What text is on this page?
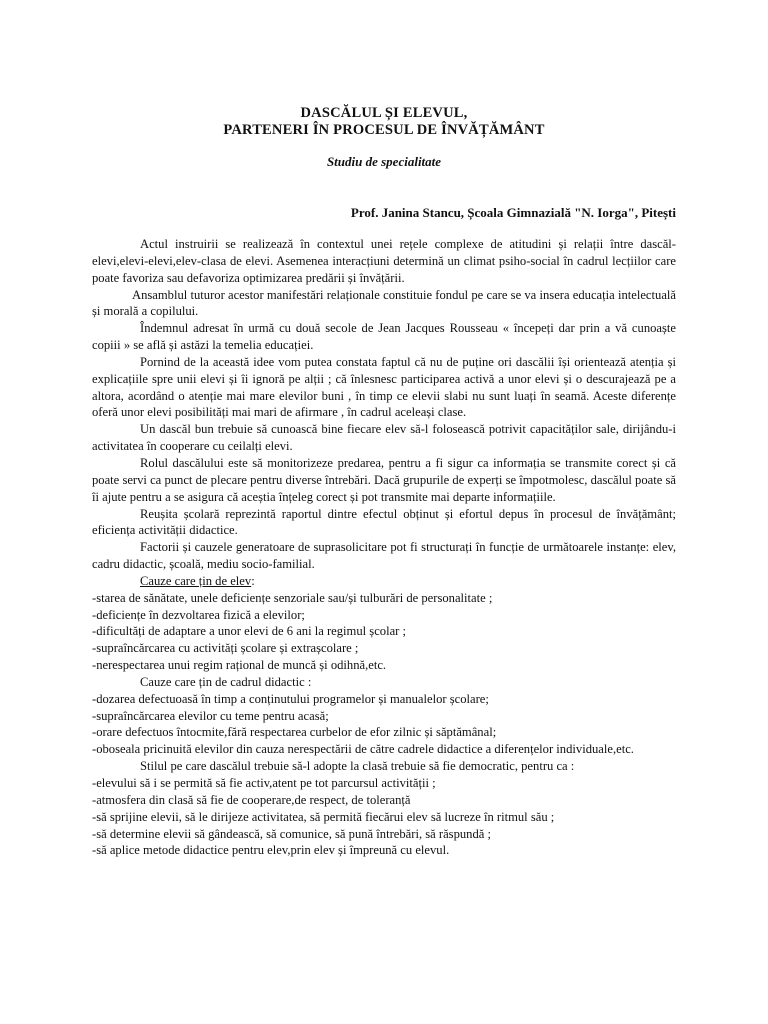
DASCĂLUL ȘI ELEVUL,
PARTENERI ÎN PROCESUL DE ÎNVĂȚĂMÂNT
Studiu de specialitate
Prof. Janina Stancu, Școala Gimnazială "N. Iorga", Pitești

Actul instruirii se realizează în contextul unei rețele complexe de atitudini și relații între dascăl-elevi,elevi-elevi,elev-clasa de elevi. Asemenea interacțiuni determină un climat psiho-social în cadrul lecțiilor care poate favoriza sau defavoriza optimizarea predării și învățării.

Ansamblul tuturor acestor manifestări relaționale constituie fondul pe care se va insera educația intelectuală și morală a copilului.

Îndemnul adresat în urmă cu două secole de Jean Jacques Rousseau « începeți dar prin a vă cunoaște copiii » se află și astăzi la temelia educației.

Pornind de la această idee vom putea constata faptul că nu de puține ori dascălii își orientează atenția și explicațiile spre unii elevi și îi ignoră pe alții ; că înlesnesc participarea activă a unor elevi și o descurajează pe a altora, acordând o atenție mai mare elevilor buni , în timp ce elevii slabi nu sunt luați în seamă. Aceste diferențe oferă unor elevi posibilități mai mari de afirmare , în cadrul aceleași clase.

Un dascăl bun trebuie să cunoască bine fiecare elev să-l folosească potrivit capacităților sale, dirijându-i activitatea în cooperare cu ceilalți elevi.

Rolul dascălului este să monitorizeze predarea, pentru a fi sigur ca informația se transmite corect și că poate servi ca punct de plecare pentru diverse întrebări. Dacă grupurile de experți se împotmolesc, dascălul poate să îi ajute pentru a se asigura că aceștia înțeleg corect și pot transmite mai departe informațiile.

Reușita școlară reprezintă raportul dintre efectul obținut și efortul depus în procesul de învățământ; eficiența activității didactice.

Factorii și cauzele generatoare de suprasolicitare pot fi structurați în funcție de următoarele instanțe: elev, cadru didactic, școală, mediu socio-familial.

Cauze care țin de elev:

-starea de sănătate, unele deficiențe senzoriale sau/și tulburări de personalitate ;

-deficiențe în dezvoltarea fizică a elevilor;

-dificultăți de adaptare a unor elevi de 6 ani la regimul școlar ;

-supraîncărcarea cu activități școlare și extrașcolare ;

-nerespectarea unui regim rațional de muncă și odihnă,etc.

Cauze care țin de cadrul didactic :

-dozarea defectuoasă în timp a conținutului programelor și manualelor școlare;

-supraîncărcarea elevilor cu teme pentru acasă;

-orare defectuos întocmite,fără respectarea curbelor de efor zilnic și săptămânal;

-oboseala pricinuită elevilor din cauza nerespectării de către cadrele didactice a diferențelor individuale,etc.

Stilul pe care dascălul trebuie să-l adopte la clasă trebuie să fie democratic, pentru ca :

-elevului să i se permită să fie activ,atent pe tot parcursul activității ;

-atmosfera din clasă să fie de cooperare,de respect, de toleranță

-să sprijine elevii, să le dirijeze activitatea, să permită fiecărui elev să lucreze în ritmul său ;

-să determine elevii să gândească, să comunice, să pună întrebări, să răspundă ;

-să aplice metode didactice pentru elev,prin elev și împreună cu elevul.
